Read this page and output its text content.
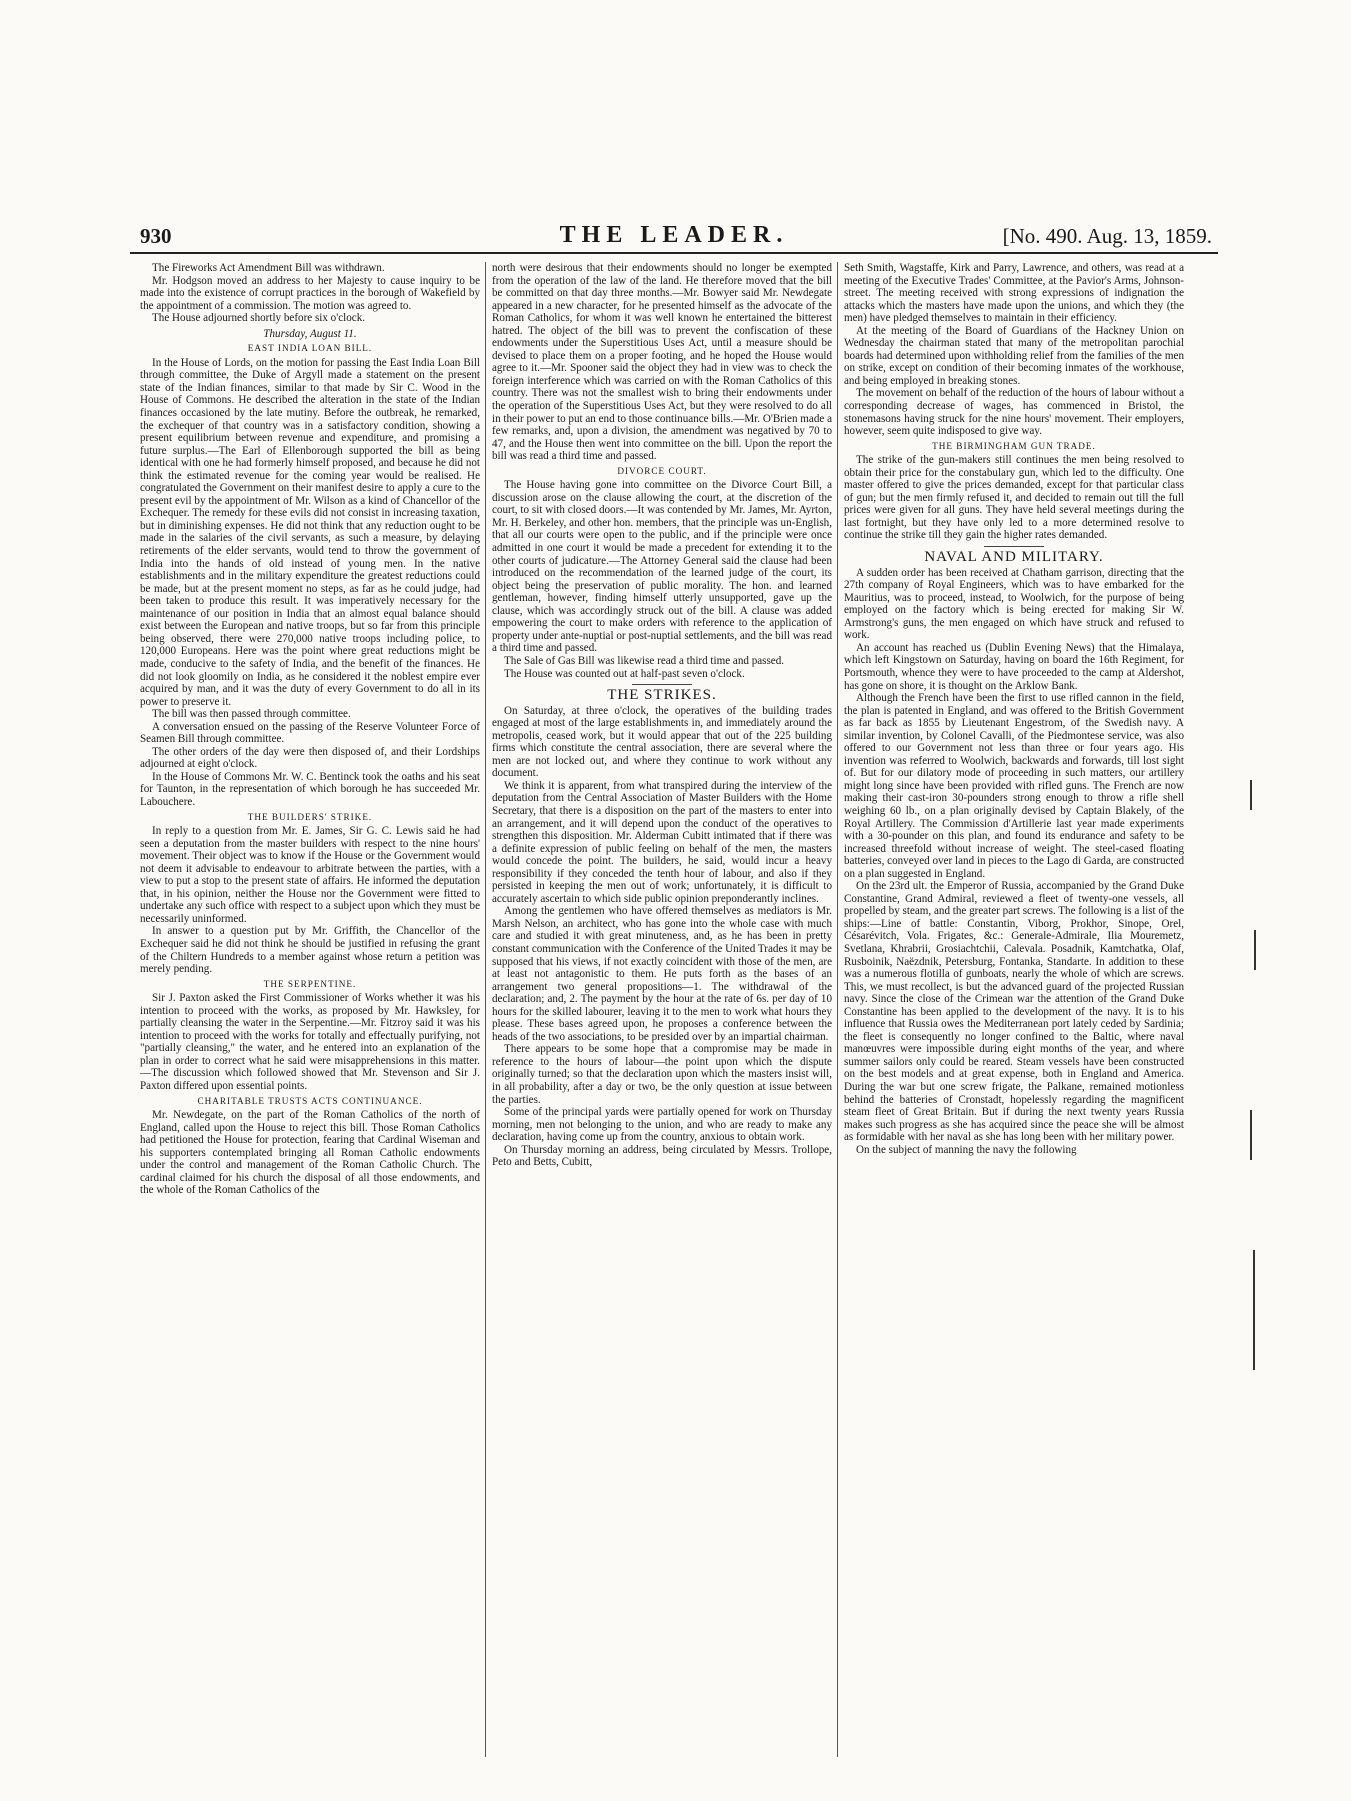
930	THE LEADER.	[No. 490. Aug. 13, 1859.

The Fireworks Act Amendment Bill was withdrawn.

Mr. Hodgson moved an address to her Majesty to cause inquiry to be made into the existence of corrupt practices in the borough of Wakefield by the appointment of a commission. The motion was agreed to.

The House adjourned shortly before six o'clock.

Thursday, August 11.

EAST INDIA LOAN BILL.

In the House of Lords, on the motion for passing the East India Loan Bill through committee, the Duke of Argyll made a statement on the present state of the Indian finances, similar to that made by Sir C. Wood in the House of Commons. He described the alteration in the state of the Indian finances occasioned by the late mutiny. Before the outbreak, he remarked, the exchequer of that country was in a satisfactory condition, showing a present equilibrium between revenue and expenditure, and promising a future surplus.—The Earl of Ellenborough supported the bill as being identical with one he had formerly himself proposed, and because he did not think the estimated revenue for the coming year would be realised. He congratulated the Government on their manifest desire to apply a cure to the present evil by the appointment of Mr. Wilson as a kind of Chancellor of the Exchequer. The remedy for these evils did not consist in increasing taxation, but in diminishing expenses. He did not think that any reduction ought to be made in the salaries of the civil servants, as such a measure, by delaying retirements of the elder servants, would tend to throw the government of India into the hands of old instead of young men. In the native establishments and in the military expenditure the greatest reductions could be made, but at the present moment no steps, as far as he could judge, had been taken to produce this result. It was imperatively necessary for the maintenance of our position in India that an almost equal balance should exist between the European and native troops, but so far from this principle being observed, there were 270,000 native troops including police, to 120,000 Europeans. Here was the point where great reductions might be made, conducive to the safety of India, and the benefit of the finances. He did not look gloomily on India, as he considered it the noblest empire ever acquired by man, and it was the duty of every Government to do all in its power to preserve it.

The bill was then passed through committee.

A conversation ensued on the passing of the Reserve Volunteer Force of Seamen Bill through committee.

The other orders of the day were then disposed of, and their Lordships adjourned at eight o'clock.

In the House of Commons Mr. W. C. Bentinck took the oaths and his seat for Taunton, in the representation of which borough he has succeeded Mr. Labouchere.

THE BUILDERS' STRIKE.

In reply to a question from Mr. E. James, Sir G. C. Lewis said he had seen a deputation from the master builders with respect to the nine hours' movement. Their object was to know if the House or the Government would not deem it advisable to endeavour to arbitrate between the parties, with a view to put a stop to the present state of affairs. He informed the deputation that, in his opinion, neither the House nor the Government were fitted to undertake any such office with respect to a subject upon which they must be necessarily uninformed.

In answer to a question put by Mr. Griffith, the Chancellor of the Exchequer said he did not think he should be justified in refusing the grant of the Chiltern Hundreds to a member against whose return a petition was merely pending.

THE SERPENTINE.

Sir J. Paxton asked the First Commissioner of Works whether it was his intention to proceed with the works, as proposed by Mr. Hawksley, for partially cleansing the water in the Serpentine.—Mr. Fitzroy said it was his intention to proceed with the works for totally and effectually purifying, not "partially cleansing," the water, and he entered into an explanation of the plan in order to correct what he said were misapprehensions in this matter.—The discussion which followed showed that Mr. Stevenson and Sir J. Paxton differed upon essential points.

CHARITABLE TRUSTS ACTS CONTINUANCE.

Mr. Newdegate, on the part of the Roman Catholics of the north of England, called upon the House to reject this bill. Those Roman Catholics had petitioned the House for protection, fearing that Cardinal Wiseman and his supporters contemplated bringing all Roman Catholic endowments under the control and management of the Roman Catholic Church. The cardinal claimed for his church the disposal of all those endowments, and the whole of the Roman Catholics of the

north were desirous that their endowments should no longer be exempted from the operation of the law of the land. He therefore moved that the bill be committed on that day three months.—Mr. Bowyer said Mr. Newdegate appeared in a new character, for he presented himself as the advocate of the Roman Catholics, for whom it was well known he entertained the bitterest hatred. The object of the bill was to prevent the confiscation of these endowments under the Superstitious Uses Act, until a measure should be devised to place them on a proper footing, and he hoped the House would agree to it.—Mr. Spooner said the object they had in view was to check the foreign interference which was carried on with the Roman Catholics of this country. There was not the smallest wish to bring their endowments under the operation of the Superstitious Uses Act, but they were resolved to do all in their power to put an end to those continuance bills.—Mr. O'Brien made a few remarks, and, upon a division, the amendment was negatived by 70 to 47, and the House then went into committee on the bill. Upon the report the bill was read a third time and passed.

DIVORCE COURT.

The House having gone into committee on the Divorce Court Bill, a discussion arose on the clause allowing the court, at the discretion of the court, to sit with closed doors.—It was contended by Mr. James, Mr. Ayrton, Mr. H. Berkeley, and other hon. members, that the principle was un-English, that all our courts were open to the public, and if the principle were once admitted in one court it would be made a precedent for extending it to the other courts of judicature.—The Attorney General said the clause had been introduced on the recommendation of the learned judge of the court, its object being the preservation of public morality. The hon. and learned gentleman, however, finding himself utterly unsupported, gave up the clause, which was accordingly struck out of the bill. A clause was added empowering the court to make orders with reference to the application of property under ante-nuptial or post-nuptial settlements, and the bill was read a third time and passed.

The Sale of Gas Bill was likewise read a third time and passed.

The House was counted out at half-past seven o'clock.

THE STRIKES.

On Saturday, at three o'clock, the operatives of the building trades engaged at most of the large establishments in, and immediately around the metropolis, ceased work, but it would appear that out of the 225 building firms which constitute the central association, there are several where the men are not locked out, and where they continue to work without any document.

We think it is apparent, from what transpired during the interview of the deputation from the Central Association of Master Builders with the Home Secretary, that there is a disposition on the part of the masters to enter into an arrangement, and it will depend upon the conduct of the operatives to strengthen this disposition. Mr. Alderman Cubitt intimated that if there was a definite expression of public feeling on behalf of the men, the masters would concede the point. The builders, he said, would incur a heavy responsibility if they conceded the tenth hour of labour, and also if they persisted in keeping the men out of work; unfortunately, it is difficult to accurately ascertain to which side public opinion preponderantly inclines.

Among the gentlemen who have offered themselves as mediators is Mr. Marsh Nelson, an architect, who has gone into the whole case with much care and studied it with great minuteness, and, as he has been in pretty constant communication with the Conference of the United Trades it may be supposed that his views, if not exactly coincident with those of the men, are at least not antagonistic to them. He puts forth as the bases of an arrangement two general propositions—1. The withdrawal of the declaration; and, 2. The payment by the hour at the rate of 6s. per day of 10 hours for the skilled labourer, leaving it to the men to work what hours they please. These bases agreed upon, he proposes a conference between the heads of the two associations, to be presided over by an impartial chairman.

There appears to be some hope that a compromise may be made in reference to the hours of labour—the point upon which the dispute originally turned; so that the declaration upon which the masters insist will, in all probability, after a day or two, be the only question at issue between the parties.

Some of the principal yards were partially opened for work on Thursday morning, men not belonging to the union, and who are ready to make any declaration, having come up from the country, anxious to obtain work.

On Thursday morning an address, being circulated by Messrs. Trollope, Peto and Betts, Cubitt,

Seth Smith, Wagstaffe, Kirk and Parry, Lawrence, and others, was read at a meeting of the Executive Trades' Committee, at the Pavior's Arms, Johnson-street. The meeting received with strong expressions of indignation the attacks which the masters have made upon the unions, and which they (the men) have pledged themselves to maintain in their efficiency.

At the meeting of the Board of Guardians of the Hackney Union on Wednesday the chairman stated that many of the metropolitan parochial boards had determined upon withholding relief from the families of the men on strike, except on condition of their becoming inmates of the workhouse, and being employed in breaking stones.

The movement on behalf of the reduction of the hours of labour without a corresponding decrease of wages, has commenced in Bristol, the stonemasons having struck for the nine hours' movement. Their employers, however, seem quite indisposed to give way.

THE BIRMINGHAM GUN TRADE.

The strike of the gun-makers still continues the men being resolved to obtain their price for the constabulary gun, which led to the difficulty. One master offered to give the prices demanded, except for that particular class of gun; but the men firmly refused it, and decided to remain out till the full prices were given for all guns. They have held several meetings during the last fortnight, but they have only led to a more determined resolve to continue the strike till they gain the higher rates demanded.

NAVAL AND MILITARY.

A sudden order has been received at Chatham garrison, directing that the 27th company of Royal Engineers, which was to have embarked for the Mauritius, was to proceed, instead, to Woolwich, for the purpose of being employed on the factory which is being erected for making Sir W. Armstrong's guns, the men engaged on which have struck and refused to work.

An account has reached us (Dublin Evening News) that the Himalaya, which left Kingstown on Saturday, having on board the 16th Regiment, for Portsmouth, whence they were to have proceeded to the camp at Aldershot, has gone on shore, it is thought on the Arklow Bank.

Although the French have been the first to use rifled cannon in the field, the plan is patented in England, and was offered to the British Government as far back as 1855 by Lieutenant Engestrom, of the Swedish navy. A similar invention, by Colonel Cavalli, of the Piedmontese service, was also offered to our Government not less than three or four years ago. His invention was referred to Woolwich, backwards and forwards, till lost sight of. But for our dilatory mode of proceeding in such matters, our artillery might long since have been provided with rifled guns. The French are now making their cast-iron 30-pounders strong enough to throw a rifle shell weighing 60 lb., on a plan originally devised by Captain Blakely, of the Royal Artillery. The Commission d'Artillerie last year made experiments with a 30-pounder on this plan, and found its endurance and safety to be increased threefold without increase of weight. The steel-cased floating batteries, conveyed over land in pieces to the Lago di Garda, are constructed on a plan suggested in England.

On the 23rd ult. the Emperor of Russia, accompanied by the Grand Duke Constantine, Grand Admiral, reviewed a fleet of twenty-one vessels, all propelled by steam, and the greater part screws. The following is a list of the ships:—Line of battle: Constantin, Viborg, Prokhor, Sinope, Orel, Césarévitch, Vola. Frigates, &c.: Generale-Admirale, Ilia Mouremetz, Svetlana, Khrabrii, Grosiachtchii, Calevala. Posadnik, Kamtchatka, Olaf, Rusboinik, Naëzdnik, Petersburg, Fontanka, Standarte. In addition to these was a numerous flotilla of gunboats, nearly the whole of which are screws. This, we must recollect, is but the advanced guard of the projected Russian navy. Since the close of the Crimean war the attention of the Grand Duke Constantine has been applied to the development of the navy. It is to his influence that Russia owes the Mediterranean port lately ceded by Sardinia; the fleet is consequently no longer confined to the Baltic, where naval manœuvres were impossible during eight months of the year, and where summer sailors only could be reared. Steam vessels have been constructed on the best models and at great expense, both in England and America. During the war but one screw frigate, the Palkane, remained motionless behind the batteries of Cronstadt, hopelessly regarding the magnificent steam fleet of Great Britain. But if during the next twenty years Russia makes such progress as she has acquired since the peace she will be almost as formidable with her naval as she has long been with her military power.

On the subject of manning the navy the following
